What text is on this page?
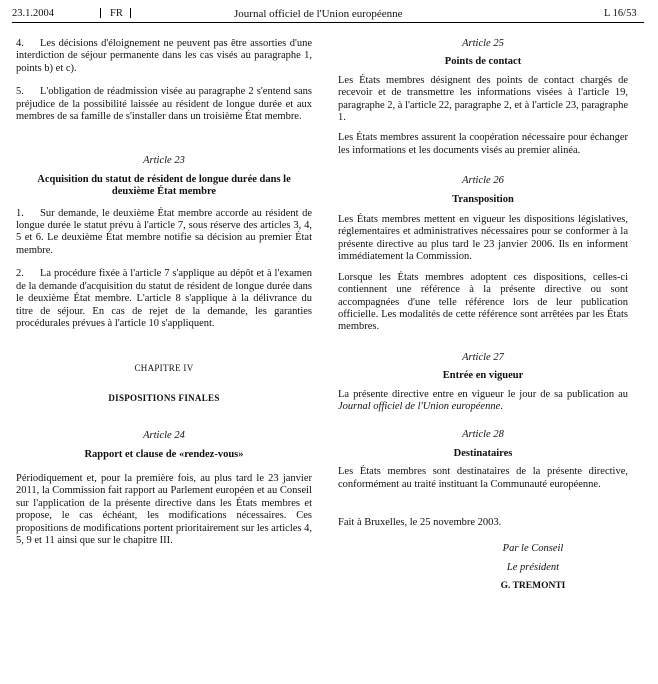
23.1.2004	FR	Journal officiel de l'Union européenne	L 16/53

4. Les décisions d'éloignement ne peuvent pas être assorties d'une interdiction de séjour permanente dans les cas visés au paragraphe 1, points b) et c).

5. L'obligation de réadmission visée au paragraphe 2 s'entend sans préjudice de la possibilité laissée au résident de longue durée et aux membres de sa famille de s'installer dans un troisième État membre.

Article 23

Acquisition du statut de résident de longue durée dans le deuxième État membre

1. Sur demande, le deuxième État membre accorde au résident de longue durée le statut prévu à l'article 7, sous réserve des articles 3, 4, 5 et 6. Le deuxième État membre notifie sa décision au premier État membre.

2. La procédure fixée à l'article 7 s'applique au dépôt et à l'examen de la demande d'acquisition du statut de résident de longue durée dans le deuxième État membre. L'article 8 s'applique à la délivrance du titre de séjour. En cas de rejet de la demande, les garanties procédurales prévues à l'article 10 s'appliquent.

CHAPITRE IV

DISPOSITIONS FINALES

Article 24

Rapport et clause de «rendez-vous»

Périodiquement et, pour la première fois, au plus tard le 23 janvier 2011, la Commission fait rapport au Parlement européen et au Conseil sur l'application de la présente directive dans les États membres et propose, le cas échéant, les modifications nécessaires. Ces propositions de modifications portent prioritairement sur les articles 4, 5, 9 et 11 ainsi que sur le chapitre III.

Article 25

Points de contact

Les États membres désignent des points de contact chargés de recevoir et de transmettre les informations visées à l'article 19, paragraphe 2, à l'article 22, paragraphe 2, et à l'article 23, paragraphe 1.

Les États membres assurent la coopération nécessaire pour échanger les informations et les documents visés au premier alinéa.

Article 26

Transposition

Les États membres mettent en vigueur les dispositions législatives, réglementaires et administratives nécessaires pour se conformer à la présente directive au plus tard le 23 janvier 2006. Ils en informent immédiatement la Commission.

Lorsque les États membres adoptent ces dispositions, celles-ci contiennent une référence à la présente directive ou sont accompagnées d'une telle référence lors de leur publication officielle. Les modalités de cette référence sont arrêtées par les États membres.

Article 27

Entrée en vigueur

La présente directive entre en vigueur le jour de sa publication au Journal officiel de l'Union européenne.

Article 28

Destinataires

Les États membres sont destinataires de la présente directive, conformément au traité instituant la Communauté européenne.

Fait à Bruxelles, le 25 novembre 2003.

Par le Conseil

Le président

G. TREMONTI
